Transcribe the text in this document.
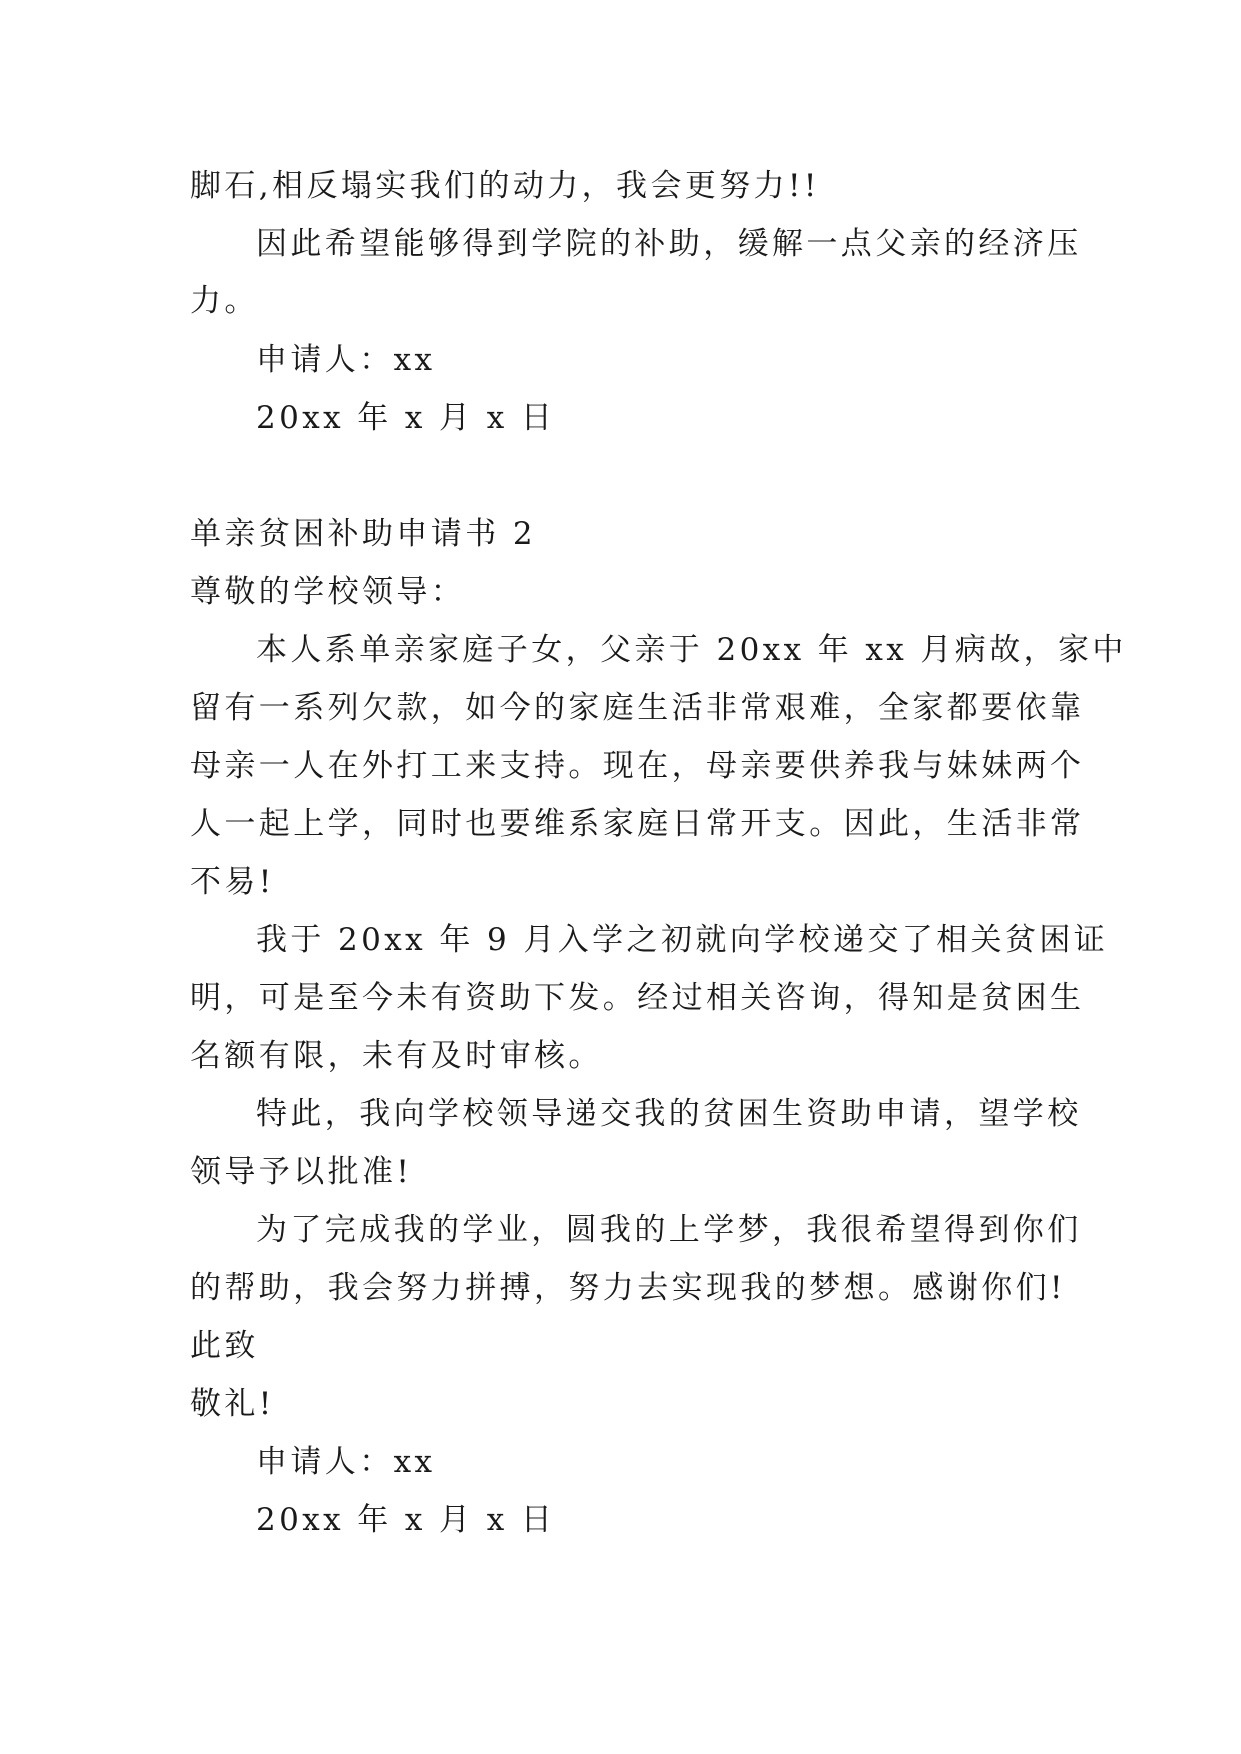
脚石,相反塌实我们的动力，我会更努力!!
因此希望能够得到学院的补助，缓解一点父亲的经济压
力。
申请人：xx
20xx 年 x 月 x 日
单亲贫困补助申请书 2
尊敬的学校领导：
本人系单亲家庭子女，父亲于 20xx 年 xx 月病故，家中
留有一系列欠款，如今的家庭生活非常艰难，全家都要依靠
母亲一人在外打工来支持。现在，母亲要供养我与妹妹两个
人一起上学，同时也要维系家庭日常开支。因此，生活非常
不易!
我于 20xx 年 9 月入学之初就向学校递交了相关贫困证
明，可是至今未有资助下发。经过相关咨询，得知是贫困生
名额有限，未有及时审核。
特此，我向学校领导递交我的贫困生资助申请，望学校
领导予以批准!
为了完成我的学业，圆我的上学梦，我很希望得到你们
的帮助，我会努力拼搏，努力去实现我的梦想。感谢你们!
此致
敬礼!
申请人：xx
20xx 年 x 月 x 日
